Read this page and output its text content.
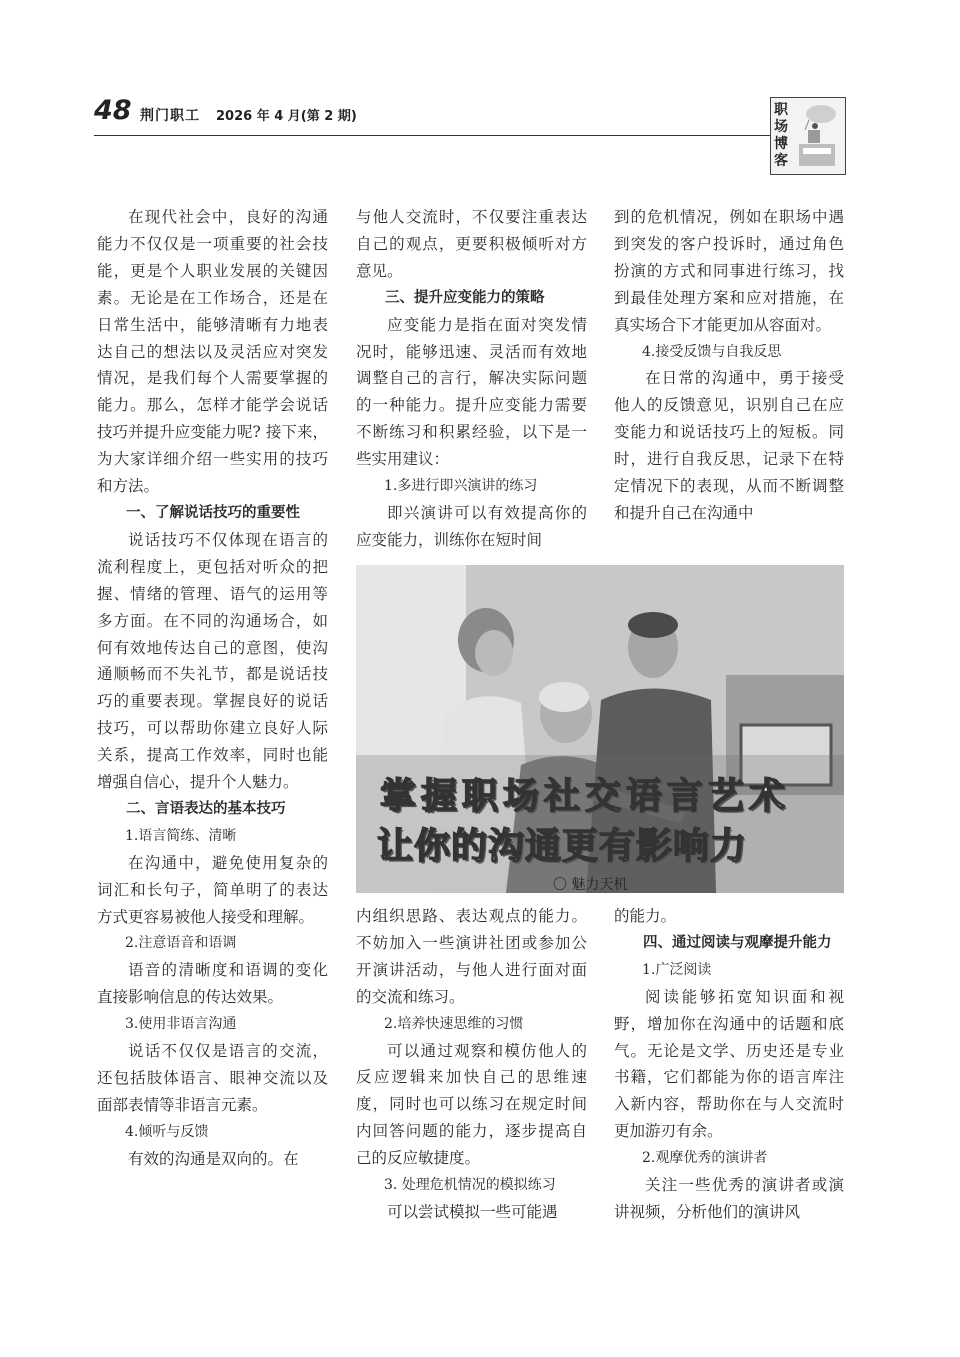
48 荆门职工 2026 年 4 月(第 2 期)	职场博客

在现代社会中，良好的沟通能力不仅仅是一项重要的社会技能，更是个人职业发展的关键因素。无论是在工作场合，还是在日常生活中，能够清晰有力地表达自己的想法以及灵活应对突发情况，是我们每个人需要掌握的能力。那么，怎样才能学会说话技巧并提升应变能力呢? 接下来，为大家详细介绍一些实用的技巧和方法。

一、了解说话技巧的重要性

说话技巧不仅体现在语言的流利程度上，更包括对听众的把握、情绪的管理、语气的运用等多方面。在不同的沟通场合，如何有效地传达自己的意图，使沟通顺畅而不失礼节，都是说话技巧的重要表现。掌握良好的说话技巧，可以帮助你建立良好人际关系，提高工作效率，同时也能增强自信心，提升个人魅力。

二、言语表达的基本技巧

1.语言简练、清晰

在沟通中，避免使用复杂的词汇和长句子，简单明了的表达方式更容易被他人接受和理解。

2.注意语音和语调

语音的清晰度和语调的变化直接影响信息的传达效果。

3.使用非语言沟通

说话不仅仅是语言的交流，还包括肢体语言、眼神交流以及面部表情等非语言元素。

4.倾听与反馈

有效的沟通是双向的。在

与他人交流时，不仅要注重表达自己的观点，更要积极倾听对方意见。

三、提升应变能力的策略

应变能力是指在面对突发情况时，能够迅速、灵活而有效地调整自己的言行，解决实际问题的一种能力。提升应变能力需要不断练习和积累经验，以下是一些实用建议：

1.多进行即兴演讲的练习

即兴演讲可以有效提高你的应变能力，训练你在短时间

内组织思路、表达观点的能力。不妨加入一些演讲社团或参加公开演讲活动，与他人进行面对面的交流和练习。

2.培养快速思维的习惯

可以通过观察和模仿他人的反应逻辑来加快自己的思维速度，同时也可以练习在规定时间内回答问题的能力，逐步提高自己的反应敏捷度。

3. 处理危机情况的模拟练习

可以尝试模拟一些可能遇

到的危机情况，例如在职场中遇到突发的客户投诉时，通过角色扮演的方式和同事进行练习，找到最佳处理方案和应对措施，在真实场合下才能更加从容面对。

4.接受反馈与自我反思

在日常的沟通中，勇于接受他人的反馈意见，识别自己在应变能力和说话技巧上的短板。同时，进行自我反思，记录下在特定情况下的表现，从而不断调整和提升自己在沟通中

的能力。

四、通过阅读与观摩提升能力

1.广泛阅读

阅读能够拓宽知识面和视野，增加你在沟通中的话题和底气。无论是文学、历史还是专业书籍，它们都能为你的语言库注入新内容，帮助你在与人交流时更加游刃有余。

2.观摩优秀的演讲者

关注一些优秀的演讲者或演讲视频，分析他们的演讲风

掌握职场社交语言艺术
让你的沟通更有影响力
〇 魅力天机
